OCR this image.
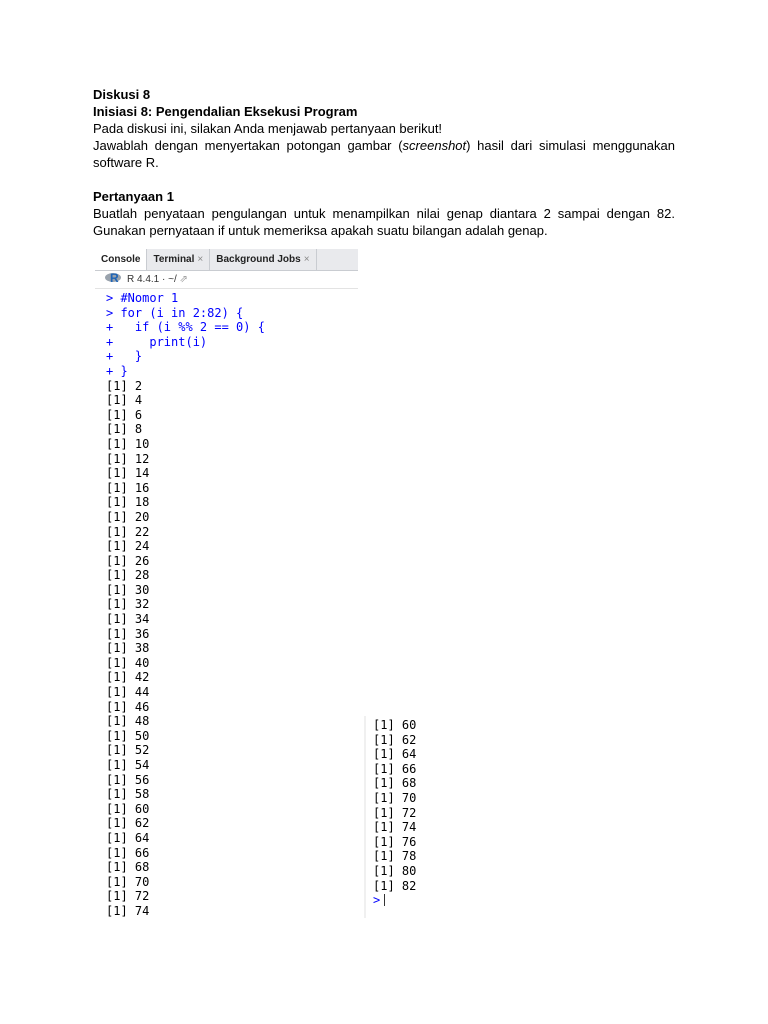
Diskusi 8

Inisiasi 8: Pengendalian Eksekusi Program

Pada diskusi ini, silakan Anda menjawab pertanyaan berikut!

Jawablah dengan menyertakan potongan gambar (screenshot) hasil dari simulasi menggunakan software R.

Pertanyaan 1

Buatlah penyataan pengulangan untuk menampilkan nilai genap diantara 2 sampai dengan 82. Gunakan pernyataan if untuk memeriksa apakah suatu bilangan adalah genap.

Console	Terminal ×	Background Jobs ×
R R 4.4.1 · ~/ ⇗
> #Nomor 1
> for (i in 2:82) {
+   if (i %% 2 == 0) {
+     print(i)
+   }
+ }
[1] 2
[1] 4
[1] 6
[1] 8
[1] 10
[1] 12
[1] 14
[1] 16
[1] 18
[1] 20
[1] 22
[1] 24
[1] 26
[1] 28
[1] 30
[1] 32
[1] 34
[1] 36
[1] 38
[1] 40
[1] 42
[1] 44
[1] 46
[1] 48
[1] 50
[1] 52
[1] 54
[1] 56
[1] 58
[1] 60
[1] 62
[1] 64
[1] 66
[1] 68
[1] 70
[1] 72
[1] 74
[1] 60
[1] 62
[1] 64
[1] 66
[1] 68
[1] 70
[1] 72
[1] 74
[1] 76
[1] 78
[1] 80
[1] 82
>
